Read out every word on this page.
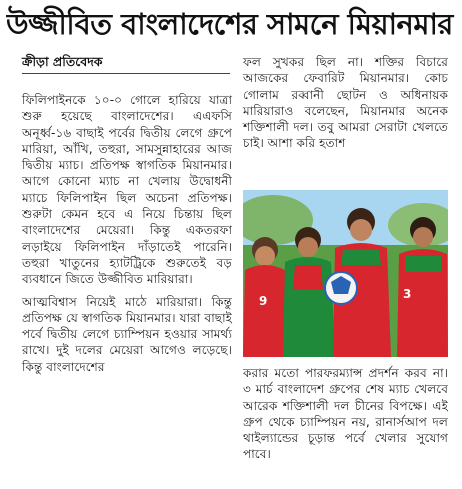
উজ্জীবিত বাংলাদেশের সামনে মিয়ানমার
ক্রীড়া প্রতিবেদক

ফিলিপাইনকে ১০-০ গোলে হারিয়ে যাত্রা শুরু হয়েছে বাংলাদেশের। এএফসি অনূর্ধ্ব-১৬ বাছাই পর্বের দ্বিতীয় লেগে গ্রুপে মারিয়া, আঁখি, তহুরা, সামসুন্নাহারের আজ দ্বিতীয় ম্যাচ। প্রতিপক্ষ স্বাগতিক মিয়ানমার। আগে কোনো ম্যাচ না খেলায় উদ্বোধনী ম্যাচে ফিলিপাইন ছিল অচেনা প্রতিপক্ষ। শুরুটা কেমন হবে এ নিয়ে চিন্তায় ছিল বাংলাদেশের মেয়েরা। কিন্তু একতরফা লড়াইয়ে ফিলিপাইন দাঁড়াতেই পারেনি। তহুরা খাতুনের হ্যাটট্রিকে শুরুতেই বড় ব্যবধানে জিতে উজ্জীবিত মারিয়ারা।

আত্মবিশ্বাস নিয়েই মাঠে মারিয়ারা। কিন্তু প্রতিপক্ষ যে স্বাগতিক মিয়ানমার। যারা বাছাই পর্বে দ্বিতীয় লেগে চ্যাম্পিয়ন হওয়ার সামর্থ্য রাখে। দুই দলের মেয়েরা আগেও লড়েছে। কিন্তু বাংলাদেশের

ফল সুখকর ছিল না। শক্তির বিচারে আজকের ফেবারিট মিয়ানমার। কোচ গোলাম রব্বানী ছোটন ও অধিনায়ক মারিয়ারাও বলেছেন, মিয়ানমার অনেক শক্তিশালী দল। তবু আমরা সেরাটা খেলতে চাই। আশা করি হতাশ

9	3

করার মতো পারফরম্যান্স প্রদর্শন করব না। ৩ মার্চ বাংলাদেশ গ্রুপের শেষ ম্যাচ খেলবে আরেক শক্তিশালী দল চীনের বিপক্ষে। এই গ্রুপ থেকে চ্যাম্পিয়ন নয়, রানার্সআপ দল থাইল্যান্ডের চূড়ান্ত পর্বে খেলার সুযোগ পাবে।
